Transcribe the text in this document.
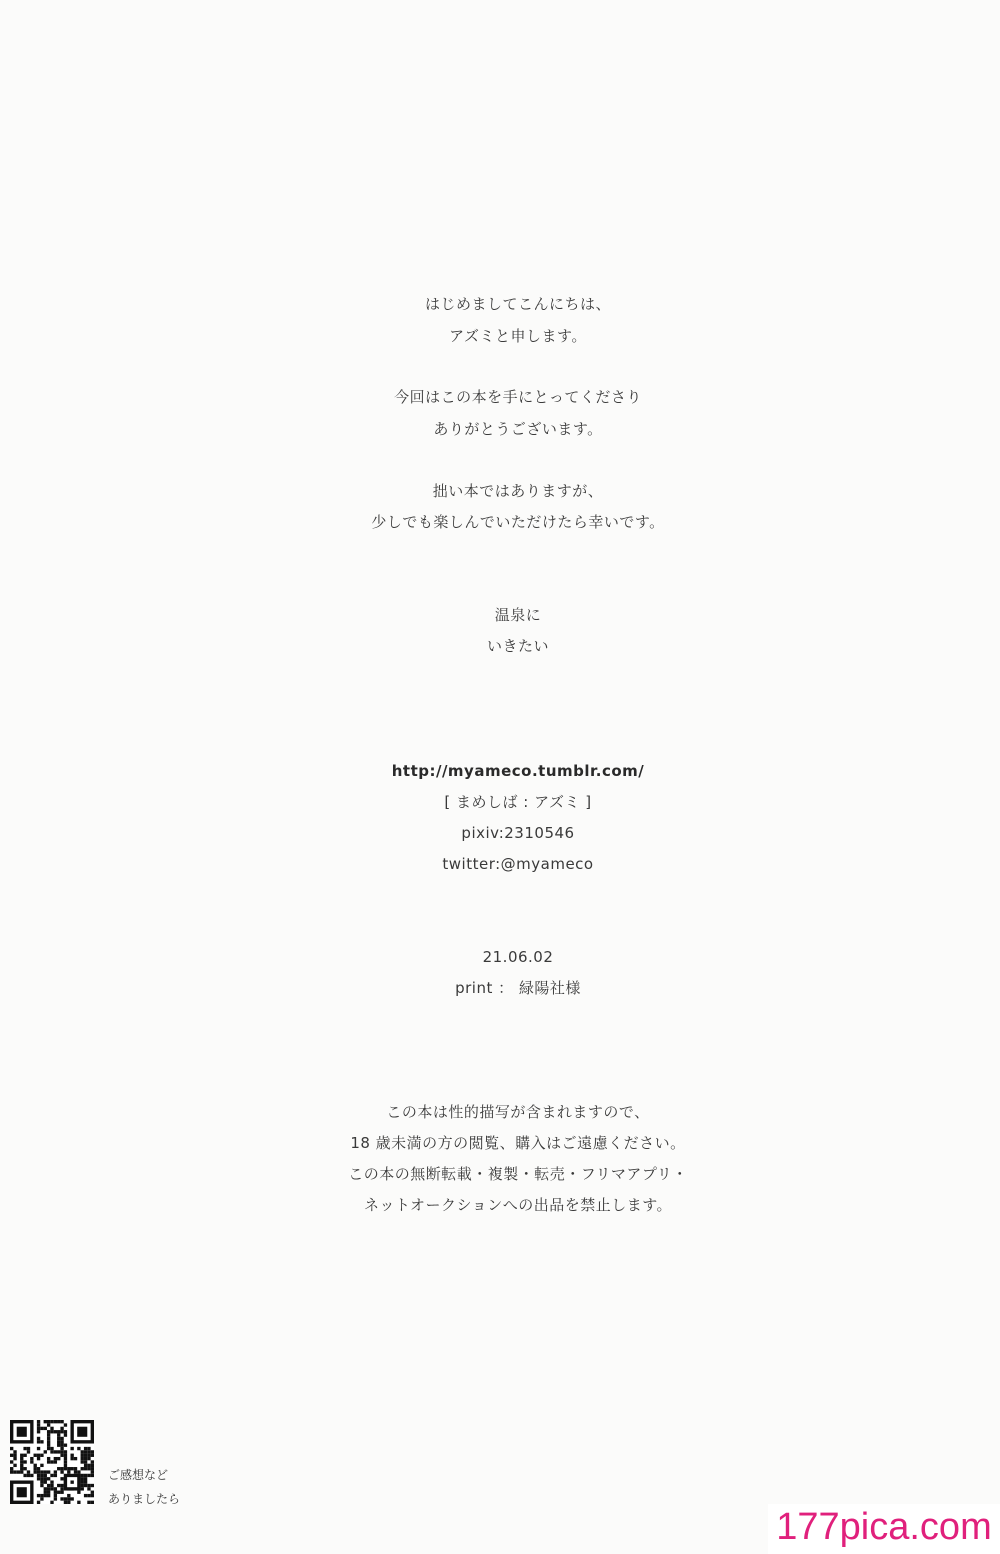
はじめましてこんにちは、
アズミと申します。
今回はこの本を手にとってくださり
ありがとうございます。
拙い本ではありますが、
少しでも楽しんでいただけたら幸いです。
温泉に
いきたい
http://myameco.tumblr.com/
[ まめしば : アズミ ]
pixiv:2310546
twitter:@myameco
21.06.02
print ： 緑陽社様
この本は性的描写が含まれますので、
18 歳未満の方の閲覧、購入はご遠慮ください。
この本の無断転載・複製・転売・フリマアプリ・
ネットオークションへの出品を禁止します。
ご感想など
ありましたら
177pica.com
